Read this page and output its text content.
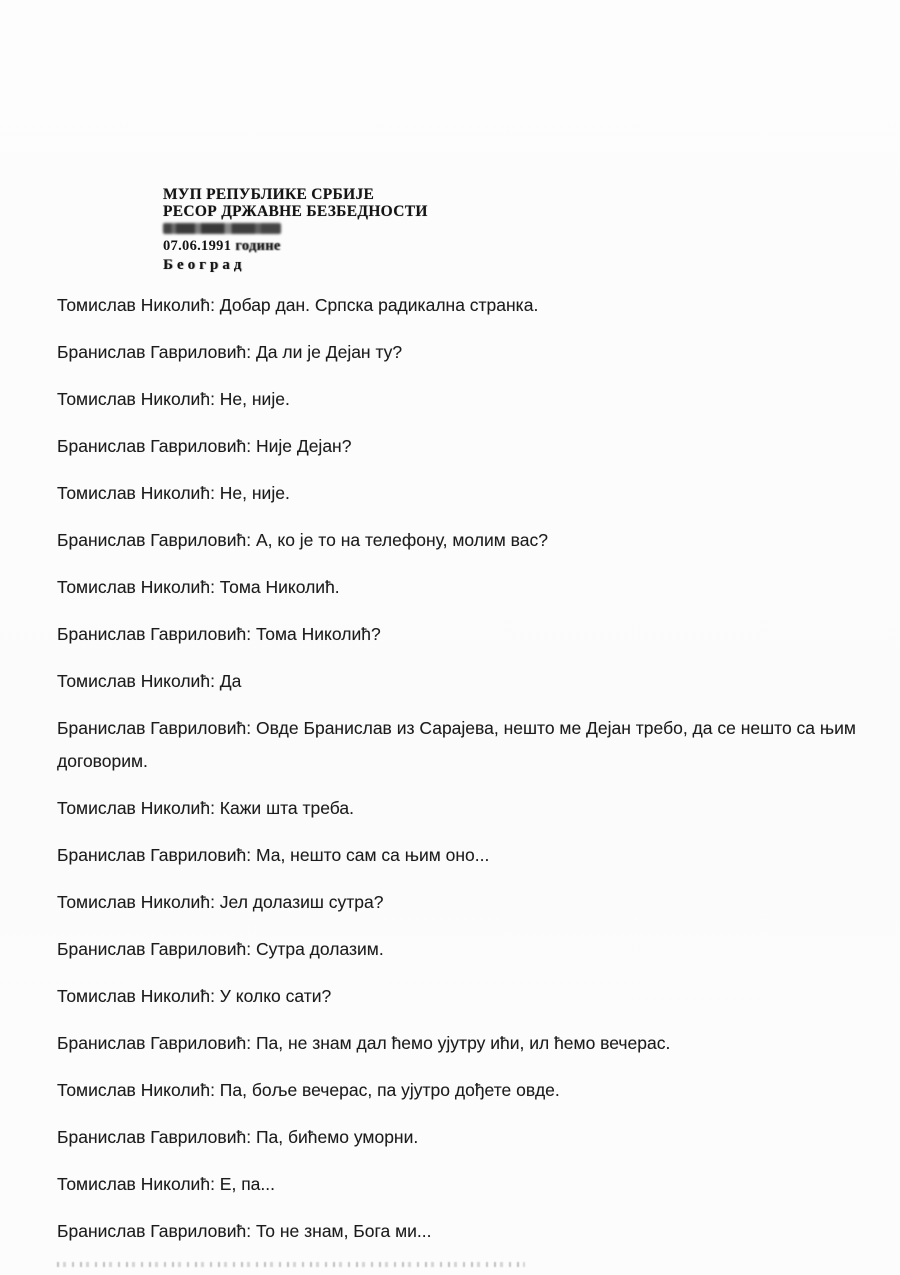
МУП РЕПУБЛИКЕ СРБИЈЕ
РЕСОР ДРЖАВНЕ БЕЗБЕДНОСТИ
07.06.1991 године
Београд

Томислав Николић: Добар дан. Српска радикална странка.

Бранислав Гавриловић: Да ли је Дејан ту?

Томислав Николић: Не, није.

Бранислав Гавриловић: Није Дејан?

Томислав Николић: Не, није.

Бранислав Гавриловић: А, ко је то на телефону, молим вас?

Томислав Николић: Тома Николић.

Бранислав Гавриловић: Тома Николић?

Томислав Николић: Да

Бранислав Гавриловић: Овде Бранислав из Сарајева, нешто ме Дејан требо, да се нешто са њим договорим.

Томислав Николић: Кажи шта треба.

Бранислав Гавриловић: Ма, нешто сам са њим оно...

Томислав Николић: Јел долазиш сутра?

Бранислав Гавриловић: Сутра долазим.

Томислав Николић: У колко сати?

Бранислав Гавриловић: Па, не знам дал ћемо ујутру ићи, ил ћемо вечерас.

Томислав Николић: Па, боље вечерас, па ујутро дођете овде.

Бранислав Гавриловић: Па, бићемо уморни.

Томислав Николић: Е, па...

Бранислав Гавриловић: То не знам, Бога ми...
